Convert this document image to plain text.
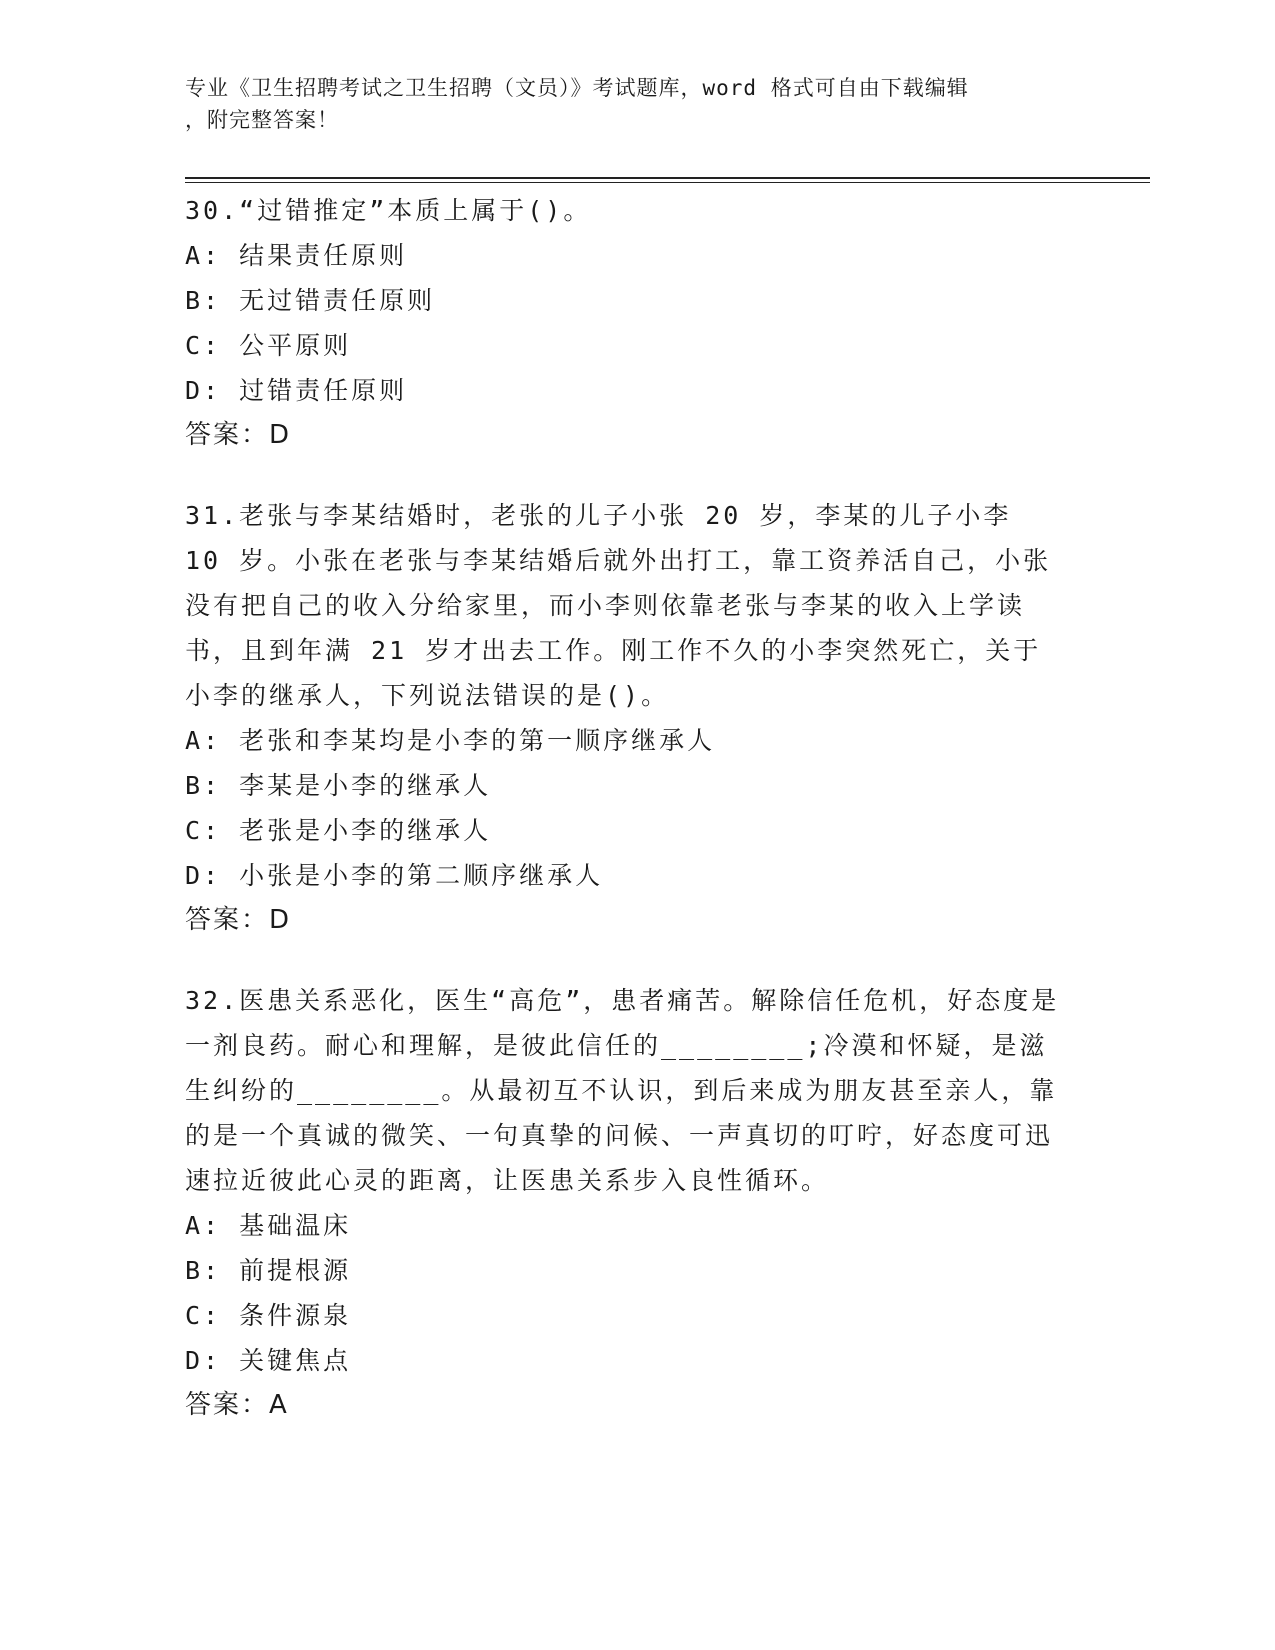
专业《卫生招聘考试之卫生招聘（文员）》考试题库，word 格式可自由下载编辑
，附完整答案！
30.“过错推定”本质上属于()。
A: 结果责任原则
B: 无过错责任原则
C: 公平原则
D: 过错责任原则
答案：D
31.老张与李某结婚时，老张的儿子小张 20 岁，李某的儿子小李 10 岁。小张在老张与李某结婚后就外出打工，靠工资养活自己，小张没有把自己的收入分给家里，而小李则依靠老张与李某的收入上学读书，且到年满 21 岁才出去工作。刚工作不久的小李突然死亡，关于小李的继承人，下列说法错误的是()。
A: 老张和李某均是小李的第一顺序继承人
B: 李某是小李的继承人
C: 老张是小李的继承人
D: 小张是小李的第二顺序继承人
答案：D
32.医患关系恶化，医生“高危”，患者痛苦。解除信任危机，好态度是一剂良药。耐心和理解，是彼此信任的________;冷漠和怀疑，是滋生纠纷的________。从最初互不认识，到后来成为朋友甚至亲人，靠的是一个真诚的微笑、一句真挚的问候、一声真切的叮咛，好态度可迅速拉近彼此心灵的距离，让医患关系步入良性循环。
A: 基础温床
B: 前提根源
C: 条件源泉
D: 关键焦点
答案：A
